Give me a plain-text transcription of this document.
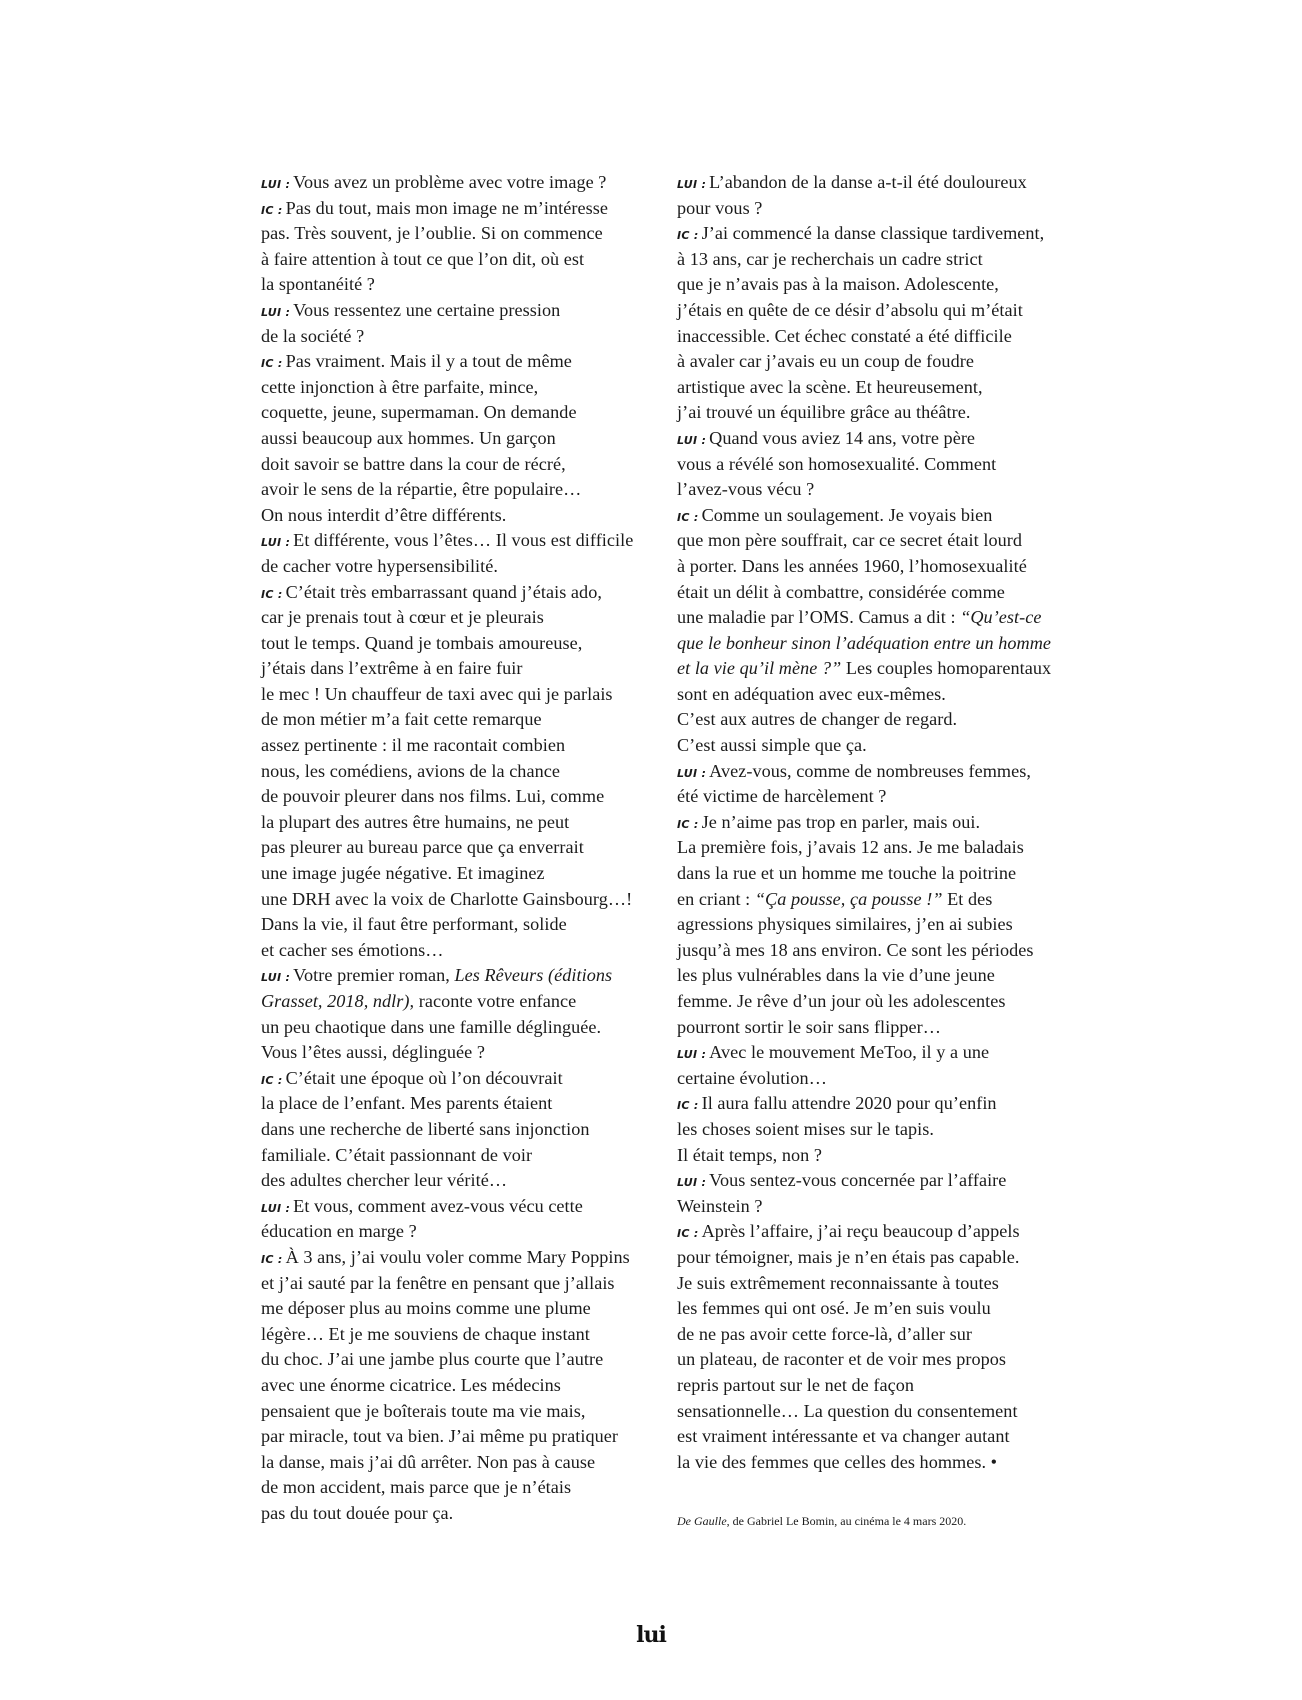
LUI : Vous avez un problème avec votre image ?
IC : Pas du tout, mais mon image ne m’intéresse
pas. Très souvent, je l’oublie. Si on commence
à faire attention à tout ce que l’on dit, où est
la spontanéité ?
LUI : Vous ressentez une certaine pression
de la société ?
IC : Pas vraiment. Mais il y a tout de même
cette injonction à être parfaite, mince,
coquette, jeune, supermaman. On demande
aussi beaucoup aux hommes. Un garçon
doit savoir se battre dans la cour de récré,
avoir le sens de la répartie, être populaire…
On nous interdit d’être différents.
LUI : Et différente, vous l’êtes… Il vous est difficile
de cacher votre hypersensibilité.
IC : C’était très embarrassant quand j’étais ado,
car je prenais tout à cœur et je pleurais
tout le temps. Quand je tombais amoureuse,
j’étais dans l’extrême à en faire fuir
le mec ! Un chauffeur de taxi avec qui je parlais
de mon métier m’a fait cette remarque
assez pertinente : il me racontait combien
nous, les comédiens, avions de la chance
de pouvoir pleurer dans nos films. Lui, comme
la plupart des autres être humains, ne peut
pas pleurer au bureau parce que ça enverrait
une image jugée négative. Et imaginez
une DRH avec la voix de Charlotte Gainsbourg…!
Dans la vie, il faut être performant, solide
et cacher ses émotions…
LUI : Votre premier roman, Les Rêveurs (éditions
Grasset, 2018, ndlr), raconte votre enfance
un peu chaotique dans une famille déglinguée.
Vous l’êtes aussi, déglinguée ?
IC : C’était une époque où l’on découvrait
la place de l’enfant. Mes parents étaient
dans une recherche de liberté sans injonction
familiale. C’était passionnant de voir
des adultes chercher leur vérité…
LUI : Et vous, comment avez-vous vécu cette
éducation en marge ?
IC : À 3 ans, j’ai voulu voler comme Mary Poppins
et j’ai sauté par la fenêtre en pensant que j’allais
me déposer plus au moins comme une plume
légère… Et je me souviens de chaque instant
du choc. J’ai une jambe plus courte que l’autre
avec une énorme cicatrice. Les médecins
pensaient que je boîterais toute ma vie mais,
par miracle, tout va bien. J’ai même pu pratiquer
la danse, mais j’ai dû arrêter. Non pas à cause
de mon accident, mais parce que je n’étais
pas du tout douée pour ça.
LUI : L’abandon de la danse a-t-il été douloureux
pour vous ?
IC : J’ai commencé la danse classique tardivement,
à 13 ans, car je recherchais un cadre strict
que je n’avais pas à la maison. Adolescente,
j’étais en quête de ce désir d’absolu qui m’était
inaccessible. Cet échec constaté a été difficile
à avaler car j’avais eu un coup de foudre
artistique avec la scène. Et heureusement,
j’ai trouvé un équilibre grâce au théâtre.
LUI : Quand vous aviez 14 ans, votre père
vous a révélé son homosexualité. Comment
l’avez-vous vécu ?
IC : Comme un soulagement. Je voyais bien
que mon père souffrait, car ce secret était lourd
à porter. Dans les années 1960, l’homosexualité
était un délit à combattre, considérée comme
une maladie par l’OMS. Camus a dit : “Qu’est-ce
que le bonheur sinon l’adéquation entre un homme
et la vie qu’il mène ?” Les couples homoparentaux
sont en adéquation avec eux-mêmes.
C’est aux autres de changer de regard.
C’est aussi simple que ça.
LUI : Avez-vous, comme de nombreuses femmes,
été victime de harcèlement ?
IC : Je n’aime pas trop en parler, mais oui.
La première fois, j’avais 12 ans. Je me baladais
dans la rue et un homme me touche la poitrine
en criant : “Ça pousse, ça pousse !” Et des
agressions physiques similaires, j’en ai subies
jusqu’à mes 18 ans environ. Ce sont les périodes
les plus vulnérables dans la vie d’une jeune
femme. Je rêve d’un jour où les adolescentes
pourront sortir le soir sans flipper…
LUI : Avec le mouvement MeToo, il y a une
certaine évolution…
IC : Il aura fallu attendre 2020 pour qu’enfin
les choses soient mises sur le tapis.
Il était temps, non ?
LUI : Vous sentez-vous concernée par l’affaire
Weinstein ?
IC : Après l’affaire, j’ai reçu beaucoup d’appels
pour témoigner, mais je n’en étais pas capable.
Je suis extrêmement reconnaissante à toutes
les femmes qui ont osé. Je m’en suis voulu
de ne pas avoir cette force-là, d’aller sur
un plateau, de raconter et de voir mes propos
repris partout sur le net de façon
sensationnelle… La question du consentement
est vraiment intéressante et va changer autant
la vie des femmes que celles des hommes. •
De Gaulle, de Gabriel Le Bomin, au cinéma le 4 mars 2020.
lui
